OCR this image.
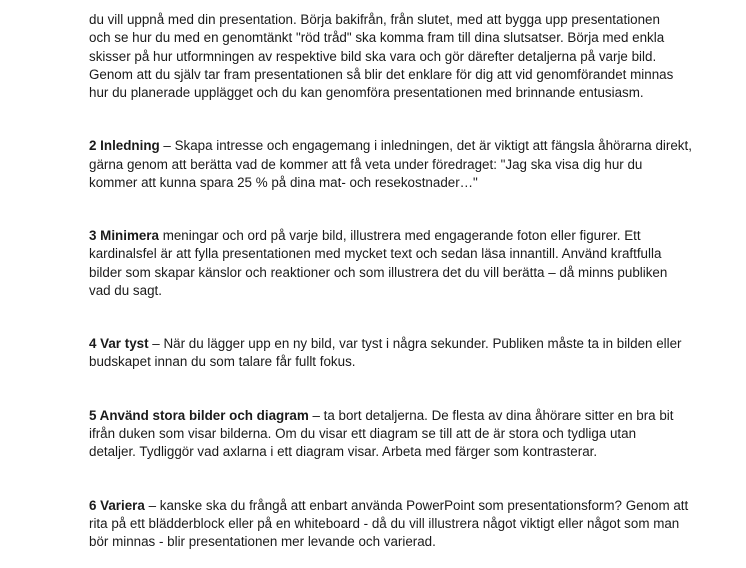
du vill uppnå med din presentation. Börja bakifrån, från slutet, med att bygga upp presentationen
och se hur du med en genomtänkt "röd tråd" ska komma fram till dina slutsatser. Börja med enkla
skisser på hur utformningen av respektive bild ska vara och gör därefter detaljerna på varje bild.
Genom att du själv tar fram presentationen så blir det enklare för dig att vid genomförandet minnas
hur du planerade upplägget och du kan genomföra presentationen med brinnande entusiasm.

2 Inledning – Skapa intresse och engagemang i inledningen, det är viktigt att fängsla åhörarna direkt,
gärna genom att berätta vad de kommer att få veta under föredraget: "Jag ska visa dig hur du
kommer att kunna spara 25 % på dina mat- och resekostnader…"

3 Minimera meningar och ord på varje bild, illustrera med engagerande foton eller figurer. Ett
kardinalsfel är att fylla presentationen med mycket text och sedan läsa innantill. Använd kraftfulla
bilder som skapar känslor och reaktioner och som illustrera det du vill berätta – då minns publiken
vad du sagt.

4 Var tyst – När du lägger upp en ny bild, var tyst i några sekunder. Publiken måste ta in bilden eller
budskapet innan du som talare får fullt fokus.

5 Använd stora bilder och diagram – ta bort detaljerna. De flesta av dina åhörare sitter en bra bit
ifrån duken som visar bilderna. Om du visar ett diagram se till att de är stora och tydliga utan
detaljer. Tydliggör vad axlarna i ett diagram visar. Arbeta med färger som kontrasterar.

6 Variera – kanske ska du frångå att enbart använda PowerPoint som presentationsform? Genom att
rita på ett blädderblock eller på en whiteboard - då du vill illustrera något viktigt eller något som man
bör minnas - blir presentationen mer levande och varierad.
